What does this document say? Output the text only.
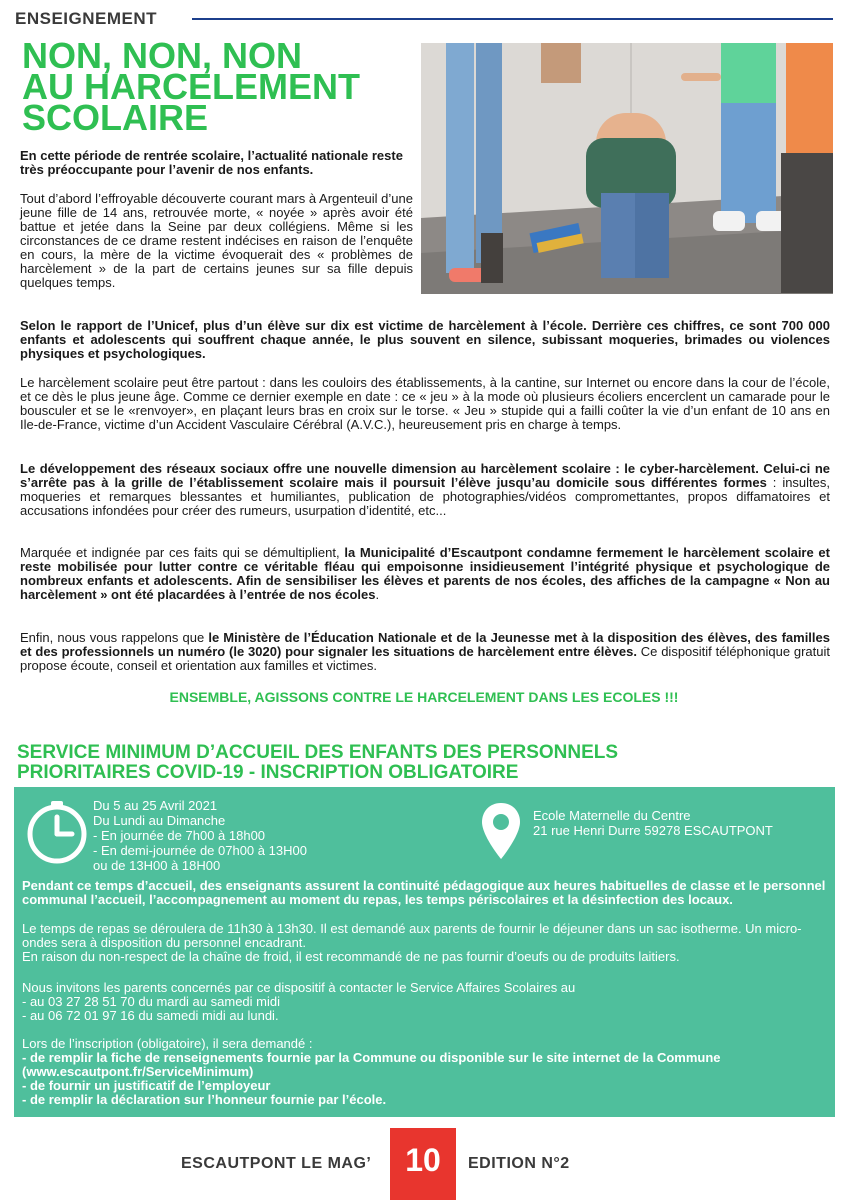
ENSEIGNEMENT
NON, NON, NON
AU HARCELEMENT
SCOLAIRE

En cette période de rentrée scolaire, l’actualité nationale reste très préoccupante pour l’avenir de nos enfants.

Tout d’abord l’effroyable découverte courant mars à Argenteuil d’une jeune fille de 14 ans, retrouvée morte, « noyée » après avoir été battue et jetée dans la Seine par deux collégiens. Même si les circonstances de ce drame restent indécises en raison de l’enquête en cours, la mère de la victime évoquerait des « problèmes de harcèlement » de la part de certains jeunes sur sa fille depuis quelques temps.

Selon le rapport de l’Unicef, plus d’un élève sur dix est victime de harcèlement à l’école. Derrière ces chiffres, ce sont 700 000 enfants et adolescents qui souffrent chaque année, le plus souvent en silence, subissant moqueries, brimades ou violences physiques et psychologiques.

Le harcèlement scolaire peut être partout : dans les couloirs des établissements, à la cantine, sur Internet ou encore dans la cour de l’école, et ce dès le plus jeune âge. Comme ce dernier exemple en date : ce « jeu » à la mode où plusieurs écoliers encerclent un camarade pour le bousculer et se le «renvoyer», en plaçant leurs bras en croix sur le torse. « Jeu » stupide qui a failli coûter la vie d’un enfant de 10 ans en Ile-de-France, victime d’un Accident Vasculaire Cérébral (A.V.C.), heureusement pris en charge à temps.

Le développement des réseaux sociaux offre une nouvelle dimension au harcèlement scolaire : le cyber-harcèlement. Celui-ci ne s’arrête pas à la grille de l’établissement scolaire mais il poursuit l’élève jusqu’au domicile sous différentes formes : insultes, moqueries et remarques blessantes et humiliantes, publication de photographies/vidéos compromettantes, propos diffamatoires et accusations infondées pour créer des rumeurs, usurpation d’identité, etc...

Marquée et indignée par ces faits qui se démultiplient, la Municipalité d’Escautpont condamne fermement le harcèlement scolaire et reste mobilisée pour lutter contre ce véritable fléau qui empoisonne insidieusement l’intégrité physique et psychologique de nombreux enfants et adolescents. Afin de sensibiliser les élèves et parents de nos écoles, des affiches de la campagne « Non au harcèlement » ont été placardées à l’entrée de nos écoles.

Enfin, nous vous rappelons que le Ministère de l’Éducation Nationale et de la Jeunesse met à la disposition des élèves, des familles et des professionnels un numéro (le 3020) pour signaler les situations de harcèlement entre élèves. Ce dispositif téléphonique gratuit propose écoute, conseil et orientation aux familles et victimes.

ENSEMBLE, AGISSONS CONTRE LE HARCELEMENT DANS LES ECOLES !!!

SERVICE MINIMUM D’ACCUEIL DES ENFANTS DES PERSONNELS
PRIORITAIRES COVID-19 - INSCRIPTION OBLIGATOIRE
Du 5 au 25 Avril 2021
Du Lundi au Dimanche
- En journée de 7h00 à 18h00
- En demi-journée de 07h00 à 13H00
ou de 13H00 à 18H00
Ecole Maternelle du Centre
21 rue Henri Durre 59278 ESCAUTPONT

Pendant ce temps d’accueil, des enseignants assurent la continuité pédagogique aux heures habituelles de classe et le personnel communal l’accueil, l’accompagnement au moment du repas, les temps périscolaires et la désinfection des locaux.

Le temps de repas se déroulera de 11h30 à 13h30. Il est demandé aux parents de fournir le déjeuner dans un sac isotherme. Un micro-ondes sera à disposition du personnel encadrant.
En raison du non-respect de la chaîne de froid, il est recommandé de ne pas fournir d’oeufs ou de produits laitiers.

Nous invitons les parents concernés par ce dispositif à contacter le Service Affaires Scolaires au
- au 03 27 28 51 70 du mardi au samedi midi
- au 06 72 01 97 16 du samedi midi au lundi.

Lors de l’inscription (obligatoire), il sera demandé :
- de remplir la fiche de renseignements fournie par la Commune ou disponible sur le site internet de la Commune (www.escautpont.fr/ServiceMinimum)
- de fournir un justificatif de l’employeur
- de remplir la déclaration sur l’honneur fournie par l’école.

ESCAUTPONT LE MAG’	10	EDITION N°2
